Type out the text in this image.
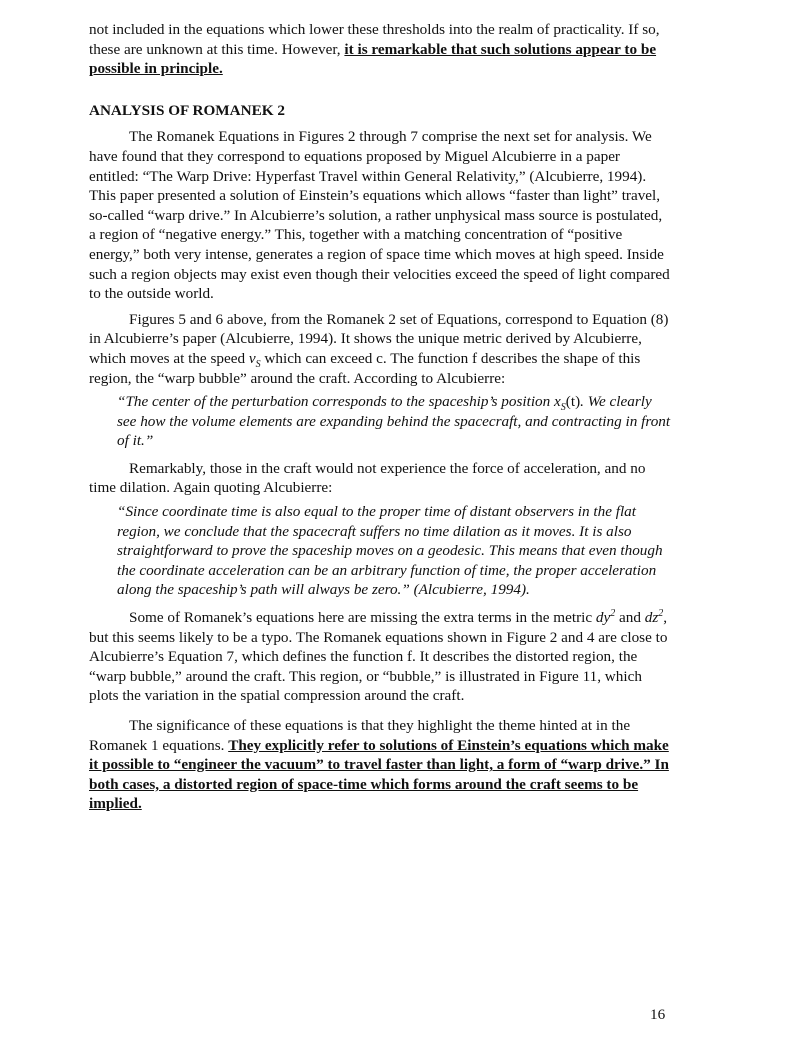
not included in the equations which lower these thresholds into the realm of practicality. If so, these are unknown at this time. However, it is remarkable that such solutions appear to be possible in principle.

ANALYSIS OF ROMANEK 2

The Romanek Equations in Figures 2 through 7 comprise the next set for analysis. We have found that they correspond to equations proposed by Miguel Alcubierre in a paper entitled: “The Warp Drive: Hyperfast Travel within General Relativity,” (Alcubierre, 1994). This paper presented a solution of Einstein’s equations which allows “faster than light” travel, so-called “warp drive.” In Alcubierre’s solution, a rather unphysical mass source is postulated, a region of “negative energy.” This, together with a matching concentration of “positive energy,” both very intense, generates a region of space time which moves at high speed. Inside such a region objects may exist even though their velocities exceed the speed of light compared to the outside world.

Figures 5 and 6 above, from the Romanek 2 set of Equations, correspond to Equation (8) in Alcubierre’s paper (Alcubierre, 1994). It shows the unique metric derived by Alcubierre, which moves at the speed $v_S$ which can exceed c. The function f describes the shape of this region, the “warp bubble” around the craft. According to Alcubierre:

“The center of the perturbation corresponds to the spaceship’s position $x_S(t)$. We clearly see how the volume elements are expanding behind the spacecraft, and contracting in front of it.”

Remarkably, those in the craft would not experience the force of acceleration, and no time dilation. Again quoting Alcubierre:

“Since coordinate time is also equal to the proper time of distant observers in the flat region, we conclude that the spacecraft suffers no time dilation as it moves. It is also straightforward to prove the spaceship moves on a geodesic. This means that even though the coordinate acceleration can be an arbitrary function of time, the proper acceleration along the spaceship’s path will always be zero.” (Alcubierre, 1994).

Some of Romanek’s equations here are missing the extra terms in the metric $dy^2$ and $dz^2$, but this seems likely to be a typo. The Romanek equations shown in Figure 2 and 4 are close to Alcubierre’s Equation 7, which defines the function f. It describes the distorted region, the “warp bubble,” around the craft. This region, or “bubble,” is illustrated in Figure 11, which plots the variation in the spatial compression around the craft.

The significance of these equations is that they highlight the theme hinted at in the Romanek 1 equations. They explicitly refer to solutions of Einstein’s equations which make it possible to “engineer the vacuum” to travel faster than light, a form of “warp drive.” In both cases, a distorted region of space-time which forms around the craft seems to be implied.

16
